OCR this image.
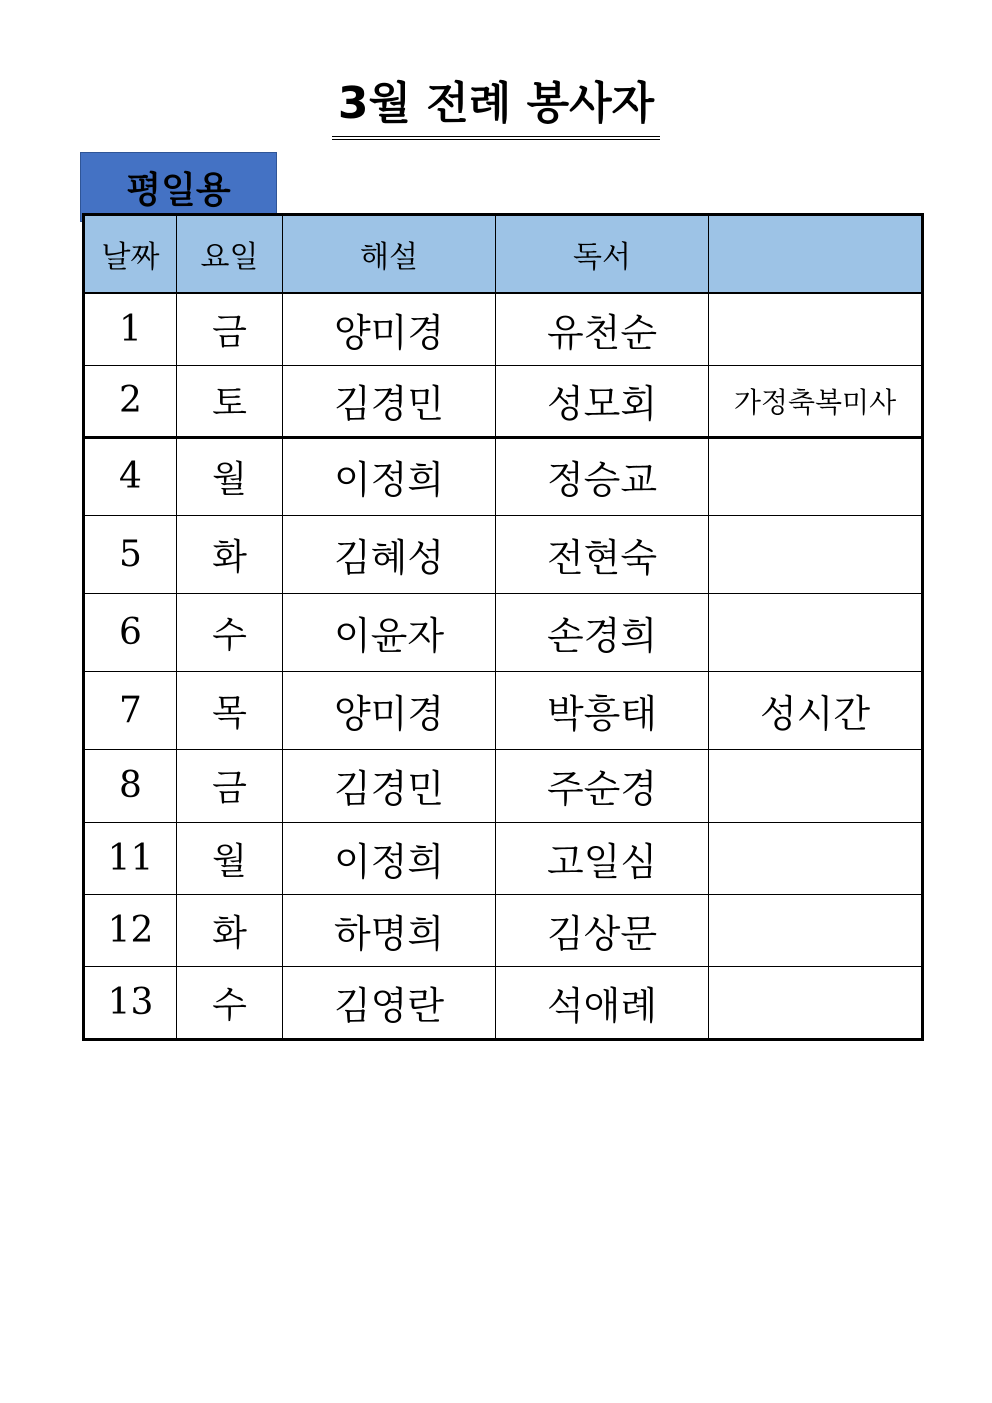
3월 전례 봉사자
평일용
날짜	요일	해설	독서	
1	금	양미경	유천순	
2	토	김경민	성모회	가정축복미사
4	월	이정희	정승교	
5	화	김혜성	전현숙	
6	수	이윤자	손경희	
7	목	양미경	박흥태	성시간
8	금	김경민	주순경	
11	월	이정희	고일심	
12	화	하명희	김상문	
13	수	김영란	석애례	
